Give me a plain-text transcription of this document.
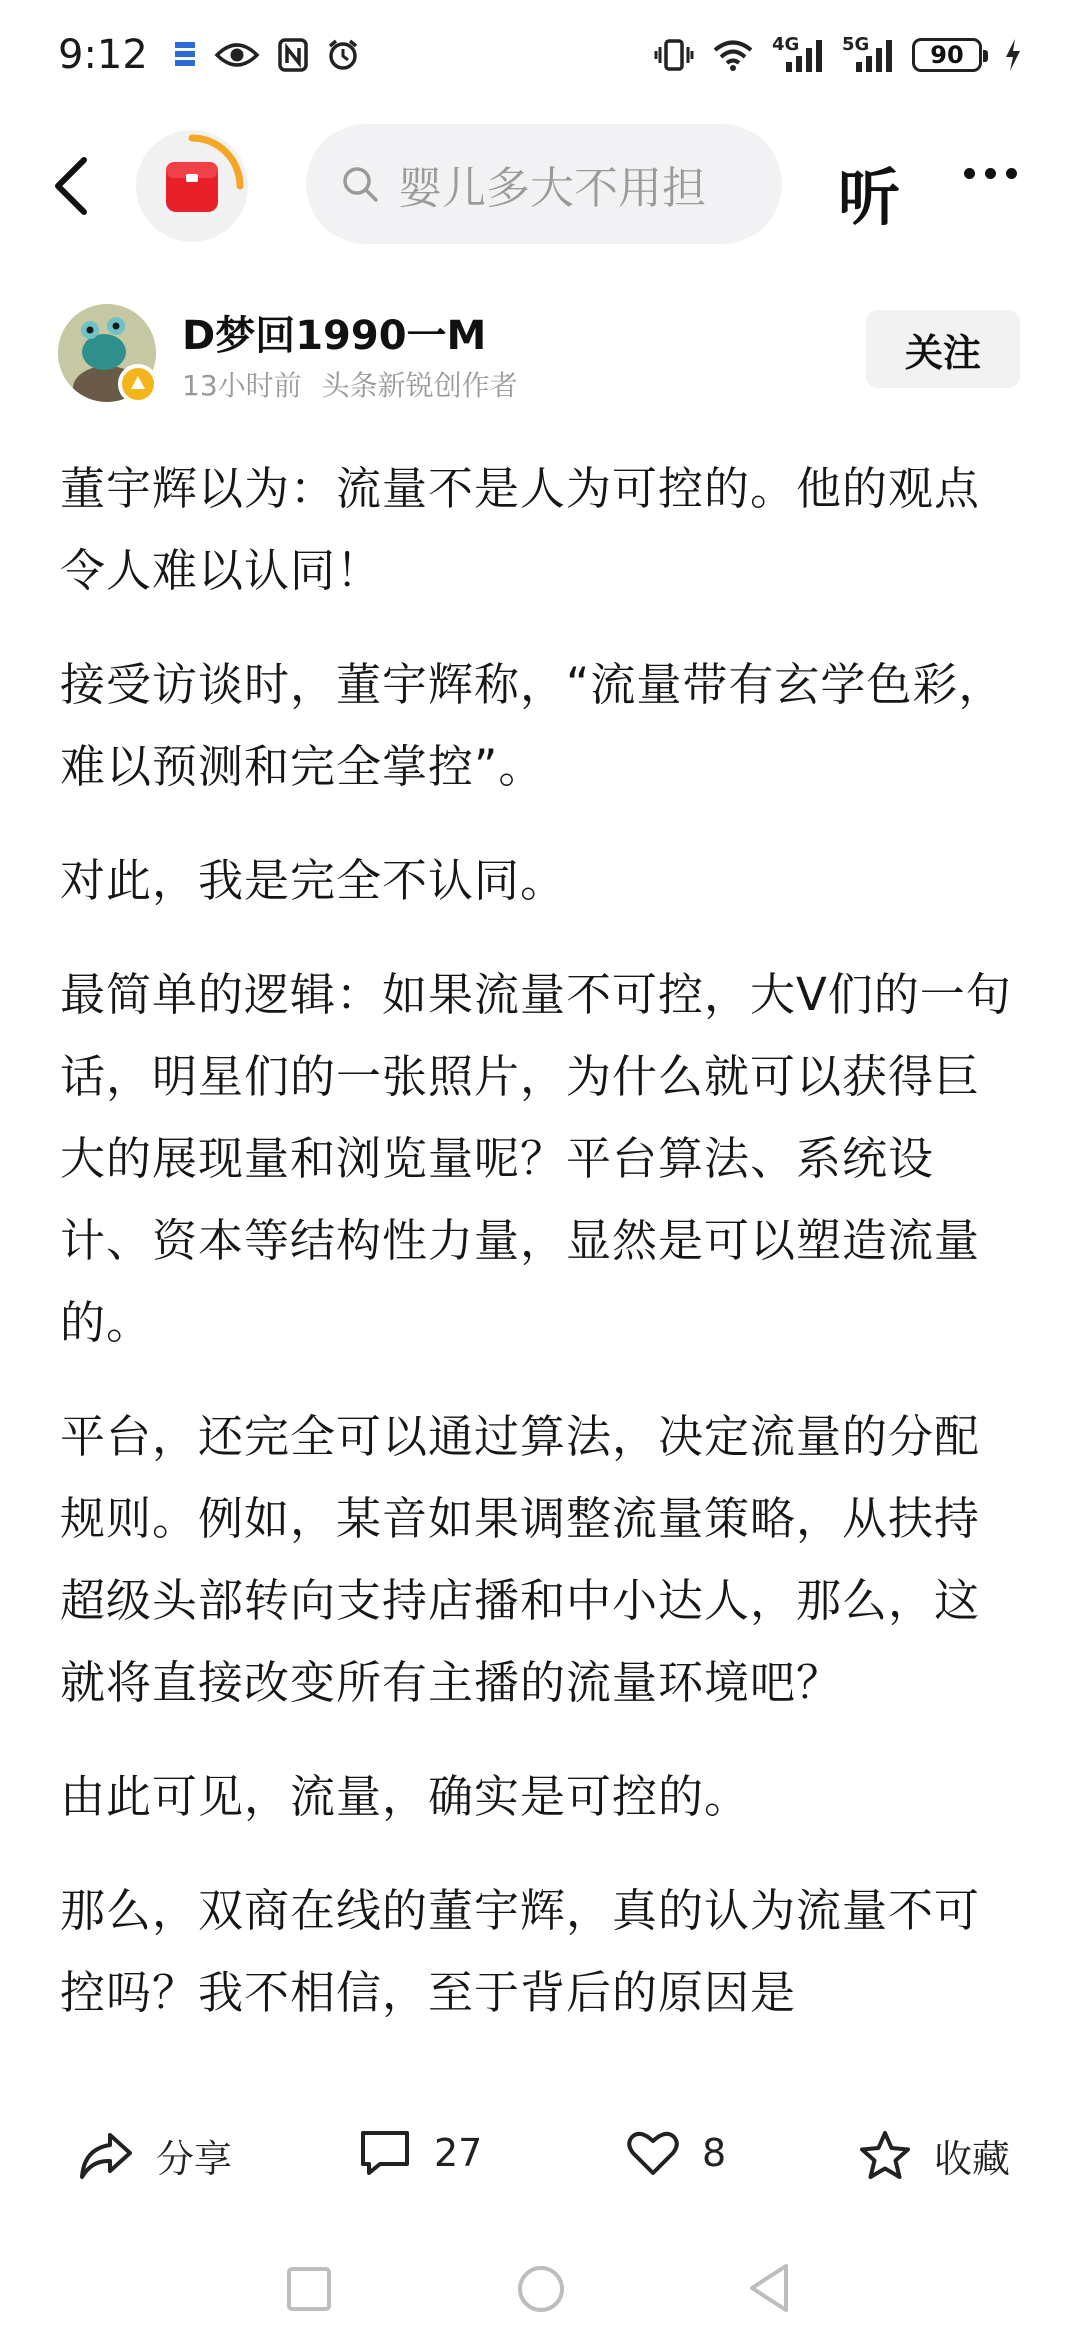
9:12	4G 5G	90
婴儿多大不用担 听
D梦回1990一M
13小时前 头条新锐创作者
关注

董宇辉以为：流量不是人为可控的。他的观点令人难以认同！

接受访谈时，董宇辉称，“流量带有玄学色彩，难以预测和完全掌控”。

对此，我是完全不认同。

最简单的逻辑：如果流量不可控，大V们的一句话，明星们的一张照片，为什么就可以获得巨大的展现量和浏览量呢？平台算法、系统设计、资本等结构性力量，显然是可以塑造流量的。

平台，还完全可以通过算法，决定流量的分配规则。例如，某音如果调整流量策略，从扶持超级头部转向支持店播和中小达人，那么，这就将直接改变所有主播的流量环境吧？

由此可见，流量，确实是可控的。

那么，双商在线的董宇辉，真的认为流量不可控吗？我不相信，至于背后的原因是

分享	27	8	收藏
